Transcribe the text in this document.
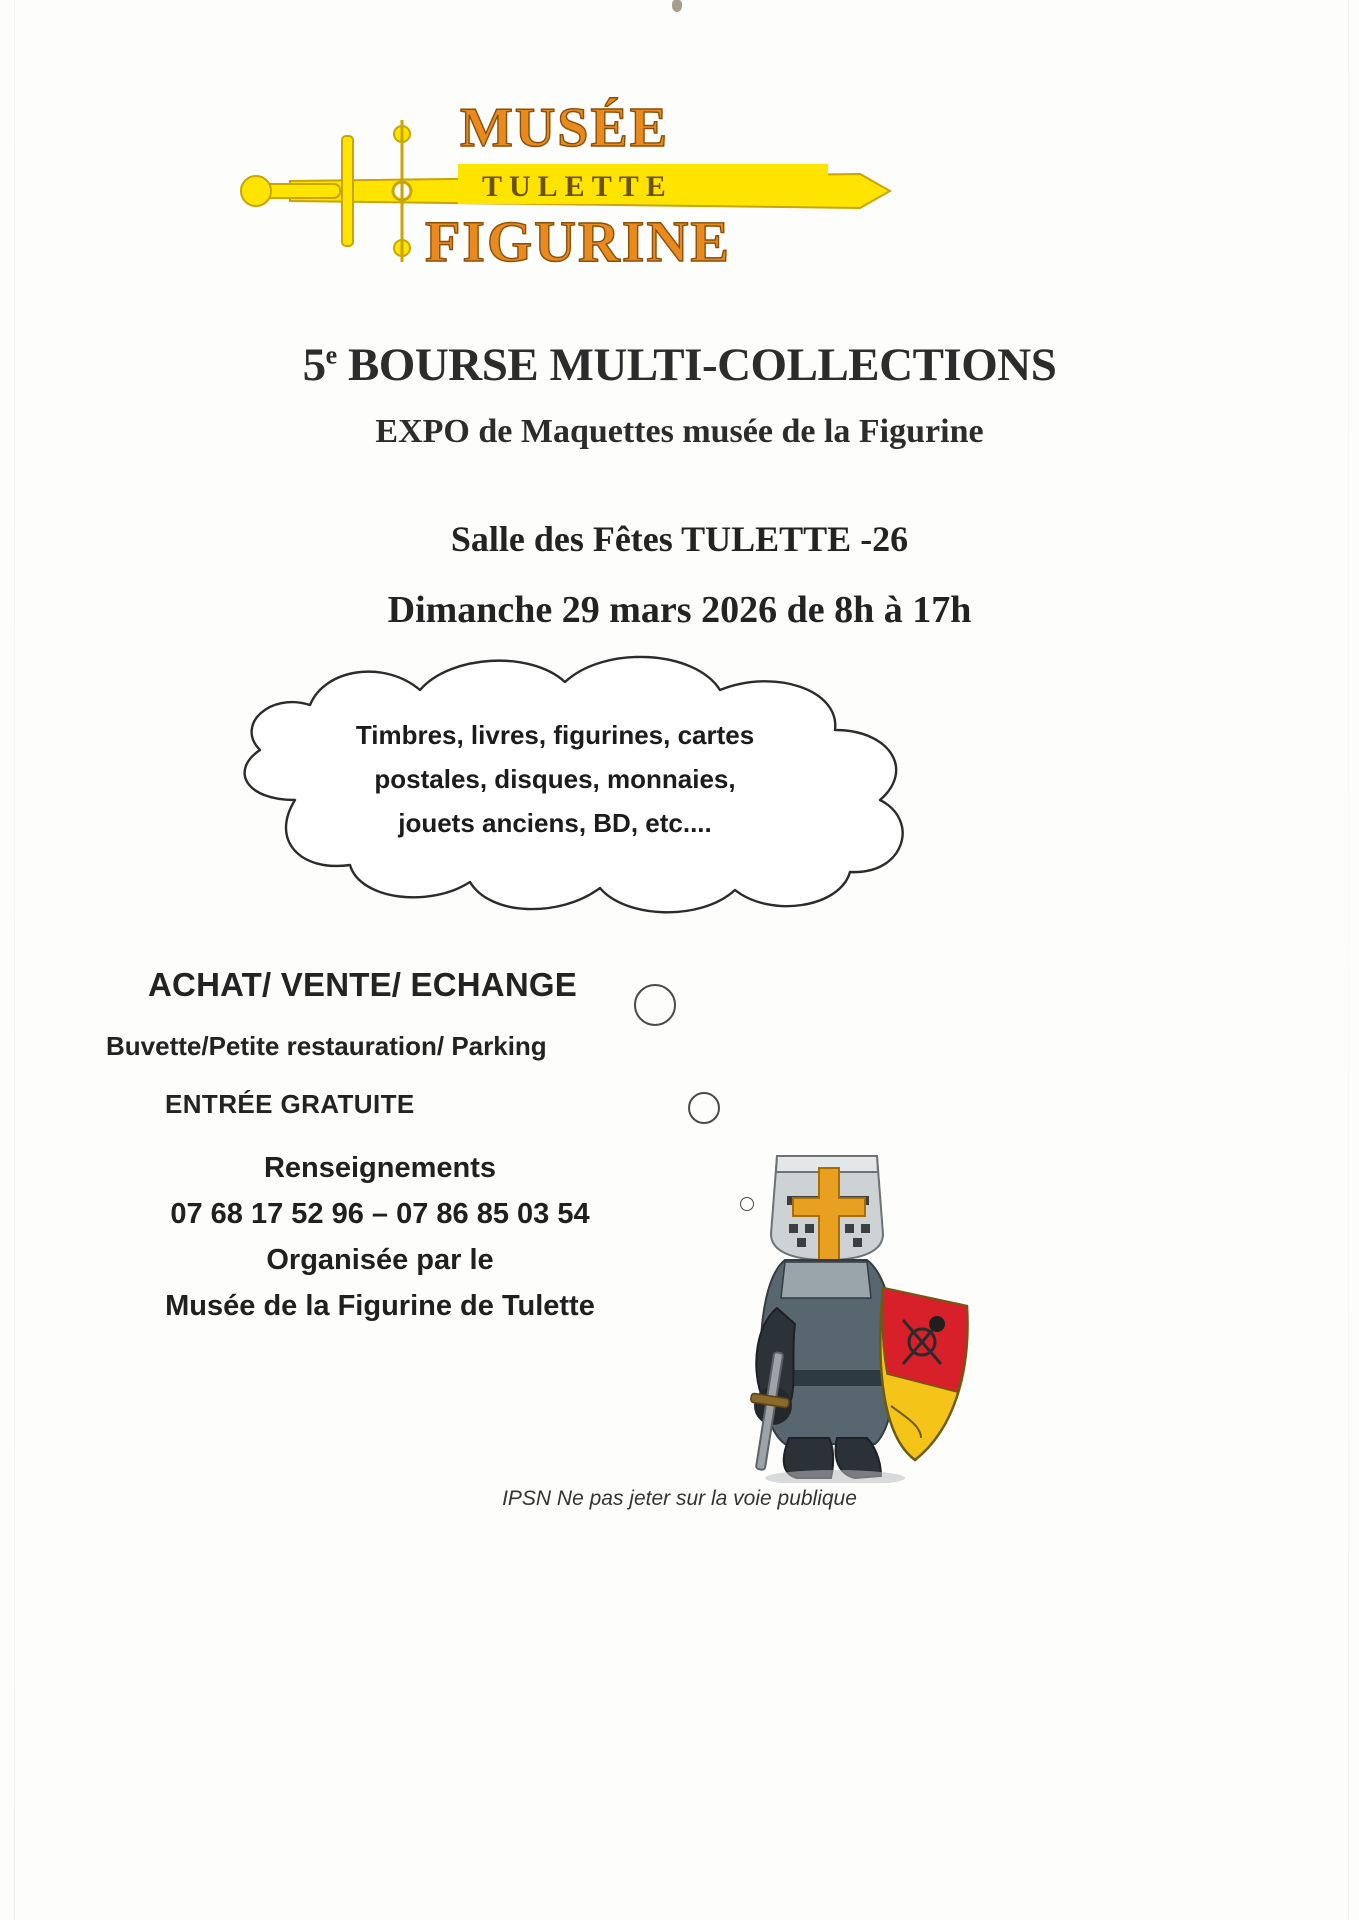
MUSÉE
TULETTE
FIGURINE
5e BOURSE MULTI-COLLECTIONS
EXPO de Maquettes musée de la Figurine
Salle des Fêtes TULETTE -26
Dimanche 29 mars 2026 de 8h à 17h
Timbres, livres, figurines, cartes
postales, disques, monnaies,
jouets anciens, BD, etc....
ACHAT/ VENTE/ ECHANGE
Buvette/Petite restauration/ Parking
ENTRÉE GRATUITE
Renseignements
07 68 17 52 96 – 07 86 85 03 54
Organisée par le
Musée de la Figurine de Tulette
IPSN Ne pas jeter sur la voie publique
